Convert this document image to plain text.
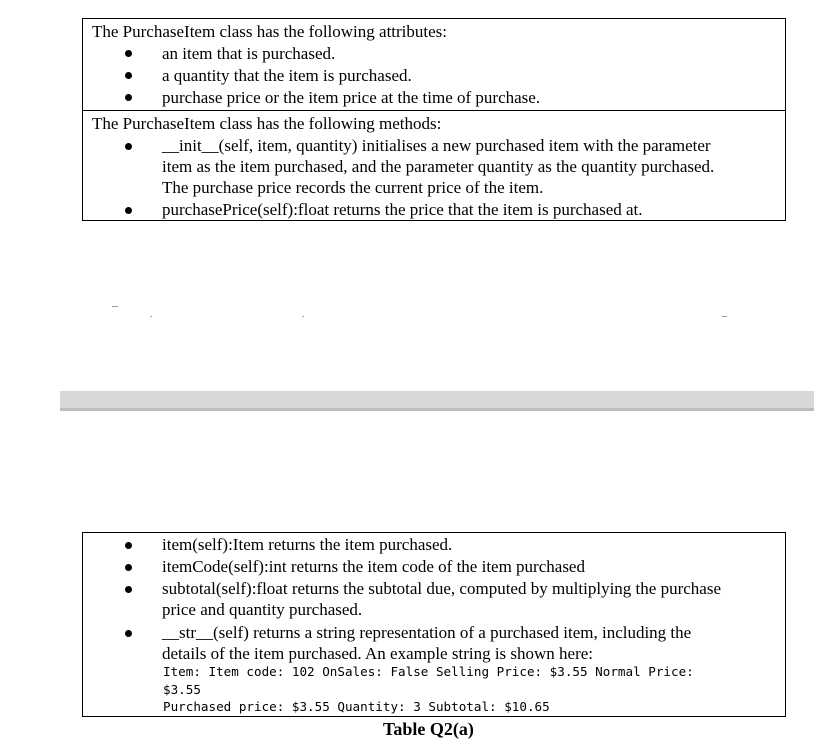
The PurchaseItem class has the following attributes:
an item that is purchased.
a quantity that the item is purchased.
purchase price or the item price at the time of purchase.
The PurchaseItem class has the following methods:
__init__(self, item, quantity) initialises a new purchased item with the parameter
item as the item purchased, and the parameter quantity as the quantity purchased.
The purchase price records the current price of the item.
purchasePrice(self):float returns the price that the item is purchased at.
item(self):Item returns the item purchased.
itemCode(self):int returns the item code of the item purchased
subtotal(self):float returns the subtotal due, computed by multiplying the purchase
price and quantity purchased.
__str__(self) returns a string representation of a purchased item, including the
details of the item purchased. An example string is shown here:
Item: Item code: 102 OnSales: False Selling Price: $3.55 Normal Price:
$3.55
Purchased price: $3.55 Quantity: 3 Subtotal: $10.65
Table Q2(a)
